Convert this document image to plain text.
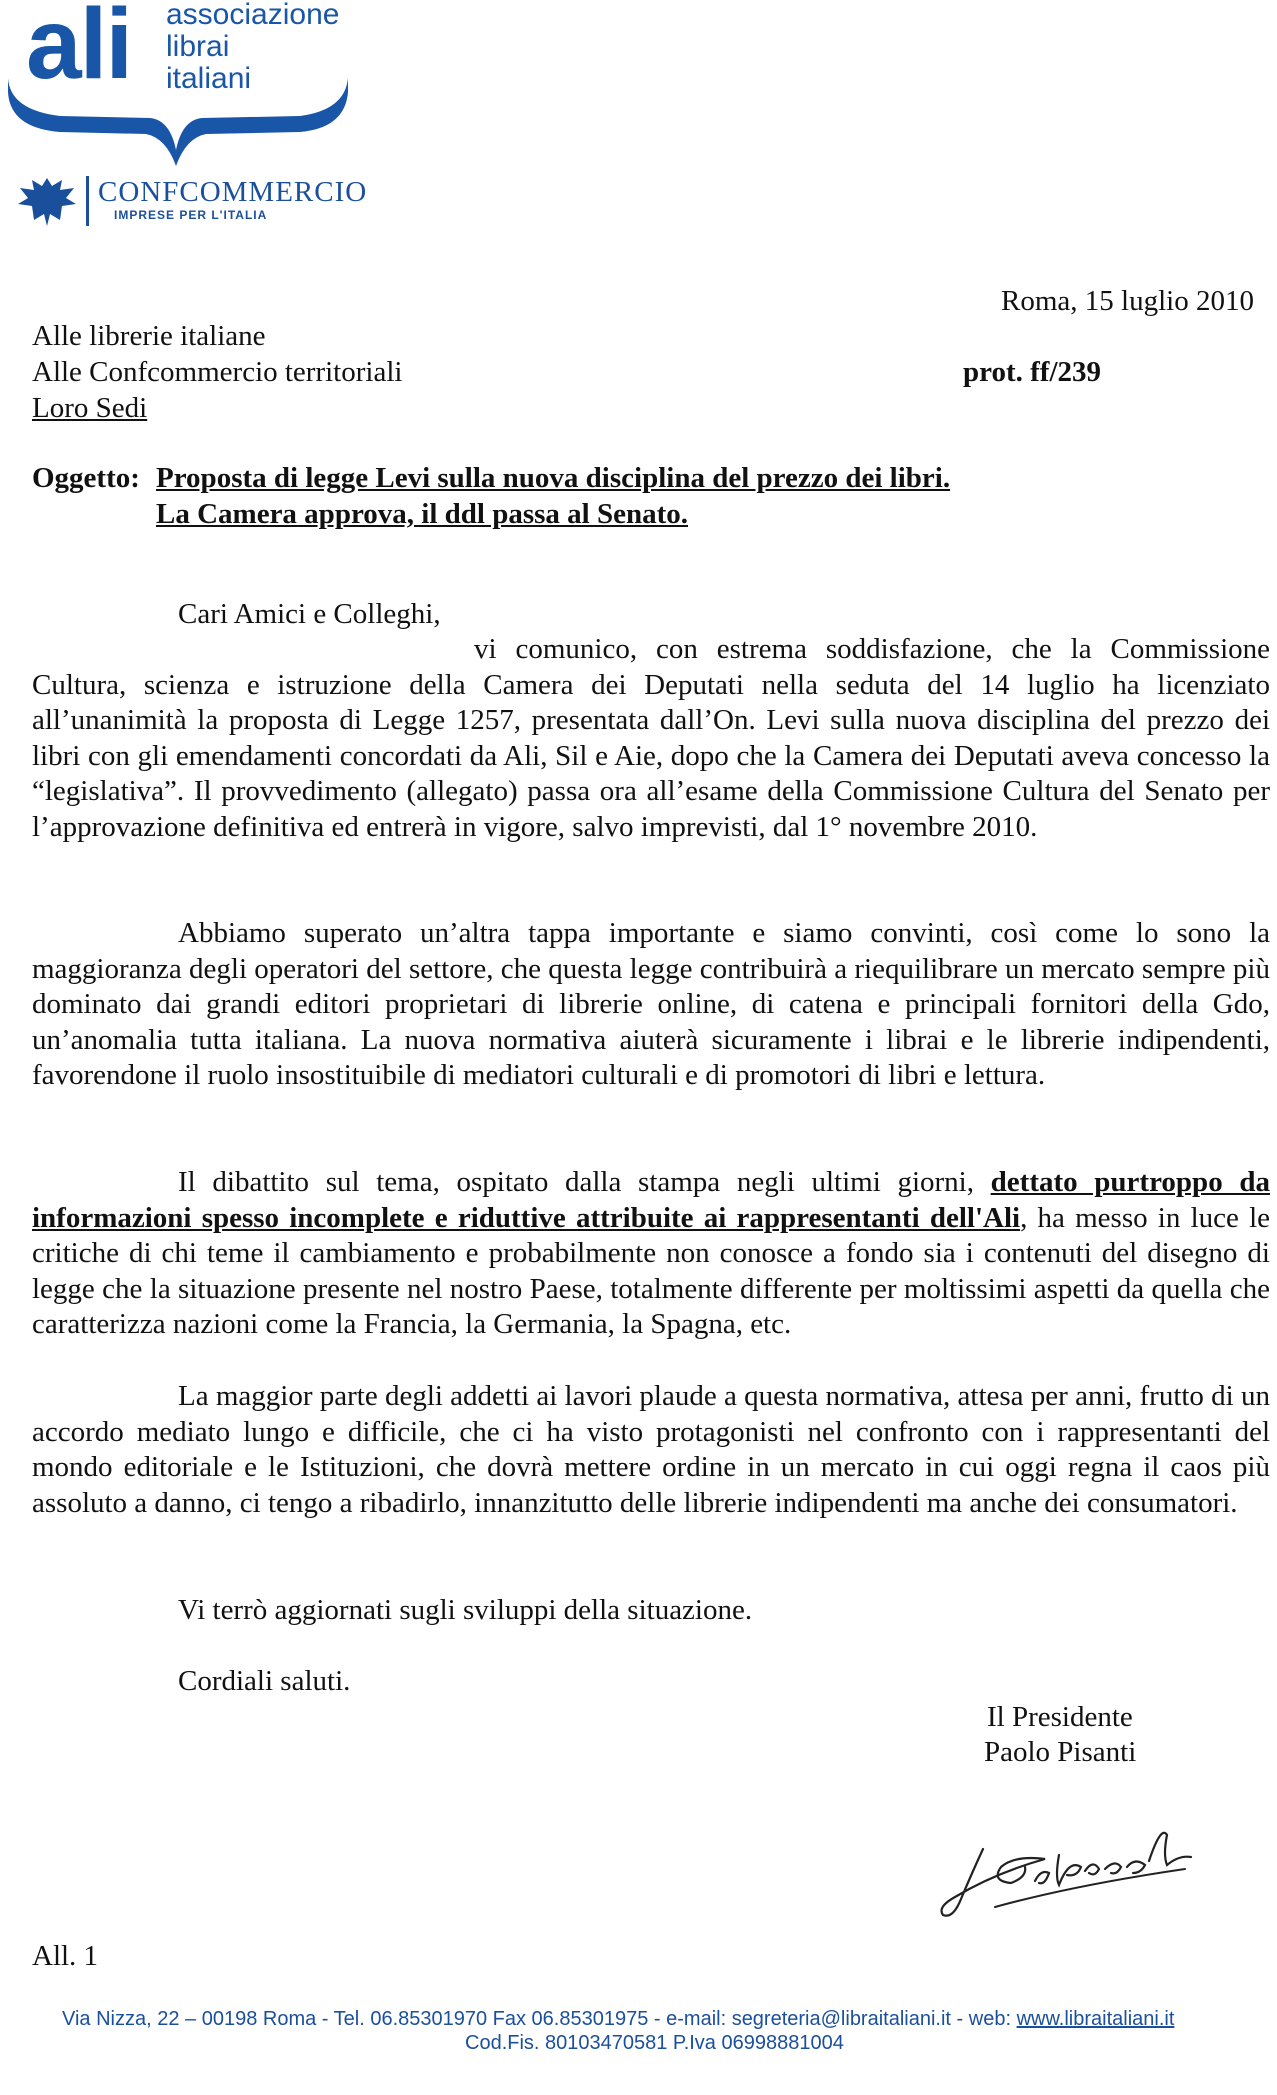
ali associazione
librai
italiani
CONFCOMMERCIO
IMPRESE PER L'ITALIA
Roma, 15 luglio 2010
prot. ff/239
Alle librerie italiane
Alle Confcommercio territoriali
Loro Sedi
Oggetto: Proposta di legge Levi sulla nuova disciplina del prezzo dei libri.
La Camera approva, il ddl passa al Senato.
Cari Amici e Colleghi,
vi comunico, con estrema soddisfazione, che la Commissione Cultura, scienza e istruzione della Camera dei Deputati nella seduta del 14 luglio ha licenziato all’unanimità la proposta di Legge 1257, presentata dall’On. Levi sulla nuova disciplina del prezzo dei libri con gli emendamenti concordati da Ali, Sil e Aie, dopo che la Camera dei Deputati aveva concesso la “legislativa”. Il provvedimento (allegato) passa ora all’esame della Commissione Cultura del Senato per l’approvazione definitiva ed entrerà in vigore, salvo imprevisti, dal 1° novembre 2010.
Abbiamo superato un’altra tappa importante e siamo convinti, così come lo sono la maggioranza degli operatori del settore, che questa legge contribuirà a riequilibrare un mercato sempre più dominato dai grandi editori proprietari di librerie online, di catena e principali fornitori della Gdo, un’anomalia tutta italiana. La nuova normativa aiuterà sicuramente i librai e le librerie indipendenti, favorendone il ruolo insostituibile di mediatori culturali e di promotori di libri e lettura.
Il dibattito sul tema, ospitato dalla stampa negli ultimi giorni, dettato purtroppo da informazioni spesso incomplete e riduttive attribuite ai rappresentanti dell'Ali, ha messo in luce le critiche di chi teme il cambiamento e probabilmente non conosce a fondo sia i contenuti del disegno di legge che la situazione presente nel nostro Paese, totalmente differente per moltissimi aspetti da quella che caratterizza nazioni come la Francia, la Germania, la Spagna, etc.
La maggior parte degli addetti ai lavori plaude a questa normativa, attesa per anni, frutto di un accordo mediato lungo e difficile, che ci ha visto protagonisti nel confronto con i rappresentanti del mondo editoriale e le Istituzioni, che dovrà mettere ordine in un mercato in cui oggi regna il caos più assoluto a danno, ci tengo a ribadirlo, innanzitutto delle librerie indipendenti ma anche dei consumatori.
Vi terrò aggiornati sugli sviluppi della situazione.
Cordiali saluti.
Il Presidente
Paolo Pisanti
All. 1
Via Nizza, 22 – 00198 Roma - Tel. 06.85301970 Fax 06.85301975 - e-mail: segreteria@libraitaliani.it - web: www.libraitaliani.it
Cod.Fis. 80103470581 P.Iva 06998881004
